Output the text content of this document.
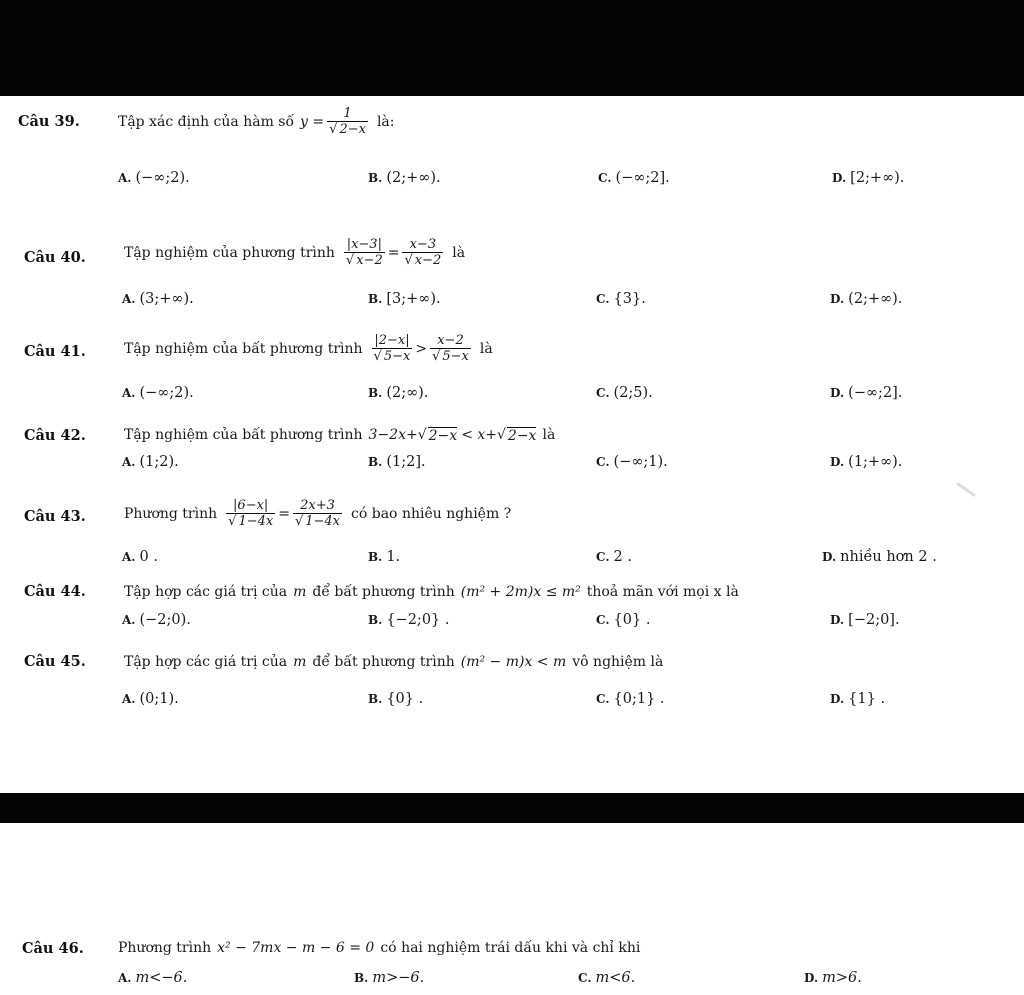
Câu 39.	Tập xác định của hàm số $y = \frac{1}{√ 2-x}$ là:
A. (−∞;2).	B. (2;+∞).	C. (−∞;2].	D. [2;+∞).
Câu 40.	Tập nghiệm của phương trình $\frac{|x-3|}{√ x-2} = \frac{x-3}{√ x-2}$ là
A. (3;+∞).	B. [3;+∞).	C. {3}.	D. (2;+∞).
Câu 41.	Tập nghiệm của bất phương trình $\frac{|2-x|}{√ 5-x} > \frac{x-2}{√ 5-x}$ là
A. (−∞;2).	B. (2;∞).	C. (2;5).	D. (−∞;2].
Câu 42.	Tập nghiệm của bất phương trình 3−2x+ √ 2−x < x+ √ 2−x là
A. (1;2).	B. (1;2].	C. (−∞;1).	D. (1;+∞).
Câu 43.	Phương trình $\frac{|6-x|}{√ 1-4x} = \frac{2x+3}{√ 1-4x}$ có bao nhiêu nghiệm ?
A. 0 .	B. 1.	C. 2 .	D. nhiều hơn 2 .
Câu 44.	Tập hợp các giá trị của m để bất phương trình (m² + 2m)x ≤ m² thoả mãn với mọi x là
A. (−2;0).	B. {−2;0} .	C. {0} .	D. [−2;0].
Câu 45.	Tập hợp các giá trị của m để bất phương trình (m² − m)x < m vô nghiệm là
A. (0;1).	B. {0} .	C. {0;1} .	D. {1} .
Câu 46. Phương trình x² − 7mx − m − 6 = 0 có hai nghiệm trái dấu khi và chỉ khi
A. m<−6.	B. m>−6.	C. m<6.	D. m>6.
